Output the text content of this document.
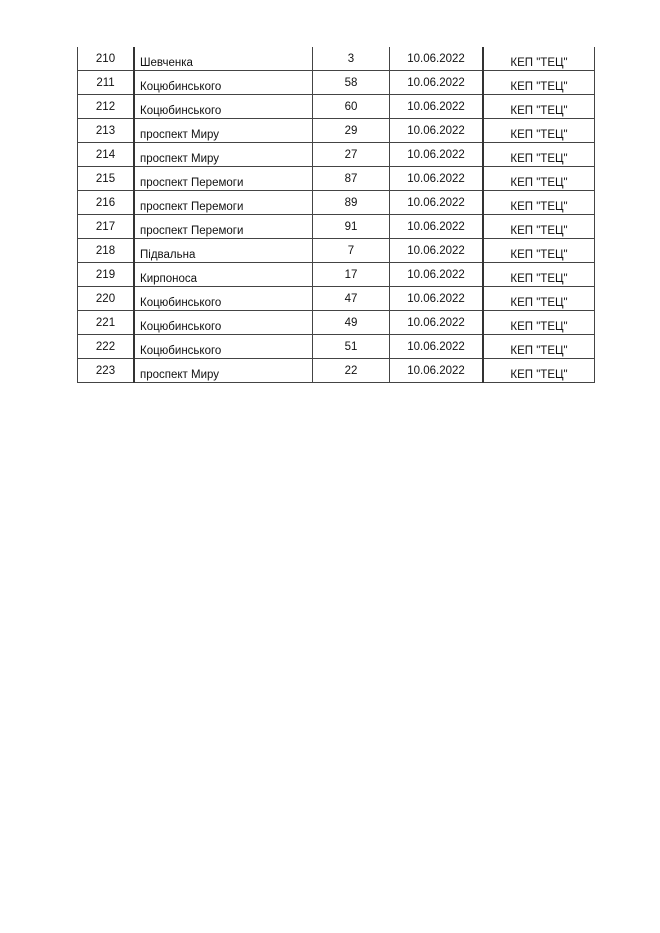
210	Шевченка	3	10.06.2022	КЕП "ТЕЦ"
211	Коцюбинського	58	10.06.2022	КЕП "ТЕЦ"
212	Коцюбинського	60	10.06.2022	КЕП "ТЕЦ"
213	проспект Миру	29	10.06.2022	КЕП "ТЕЦ"
214	проспект Миру	27	10.06.2022	КЕП "ТЕЦ"
215	проспект Перемоги	87	10.06.2022	КЕП "ТЕЦ"
216	проспект Перемоги	89	10.06.2022	КЕП "ТЕЦ"
217	проспект Перемоги	91	10.06.2022	КЕП "ТЕЦ"
218	Підвальна	7	10.06.2022	КЕП "ТЕЦ"
219	Кирпоноса	17	10.06.2022	КЕП "ТЕЦ"
220	Коцюбинського	47	10.06.2022	КЕП "ТЕЦ"
221	Коцюбинського	49	10.06.2022	КЕП "ТЕЦ"
222	Коцюбинського	51	10.06.2022	КЕП "ТЕЦ"
223	проспект Миру	22	10.06.2022	КЕП "ТЕЦ"
